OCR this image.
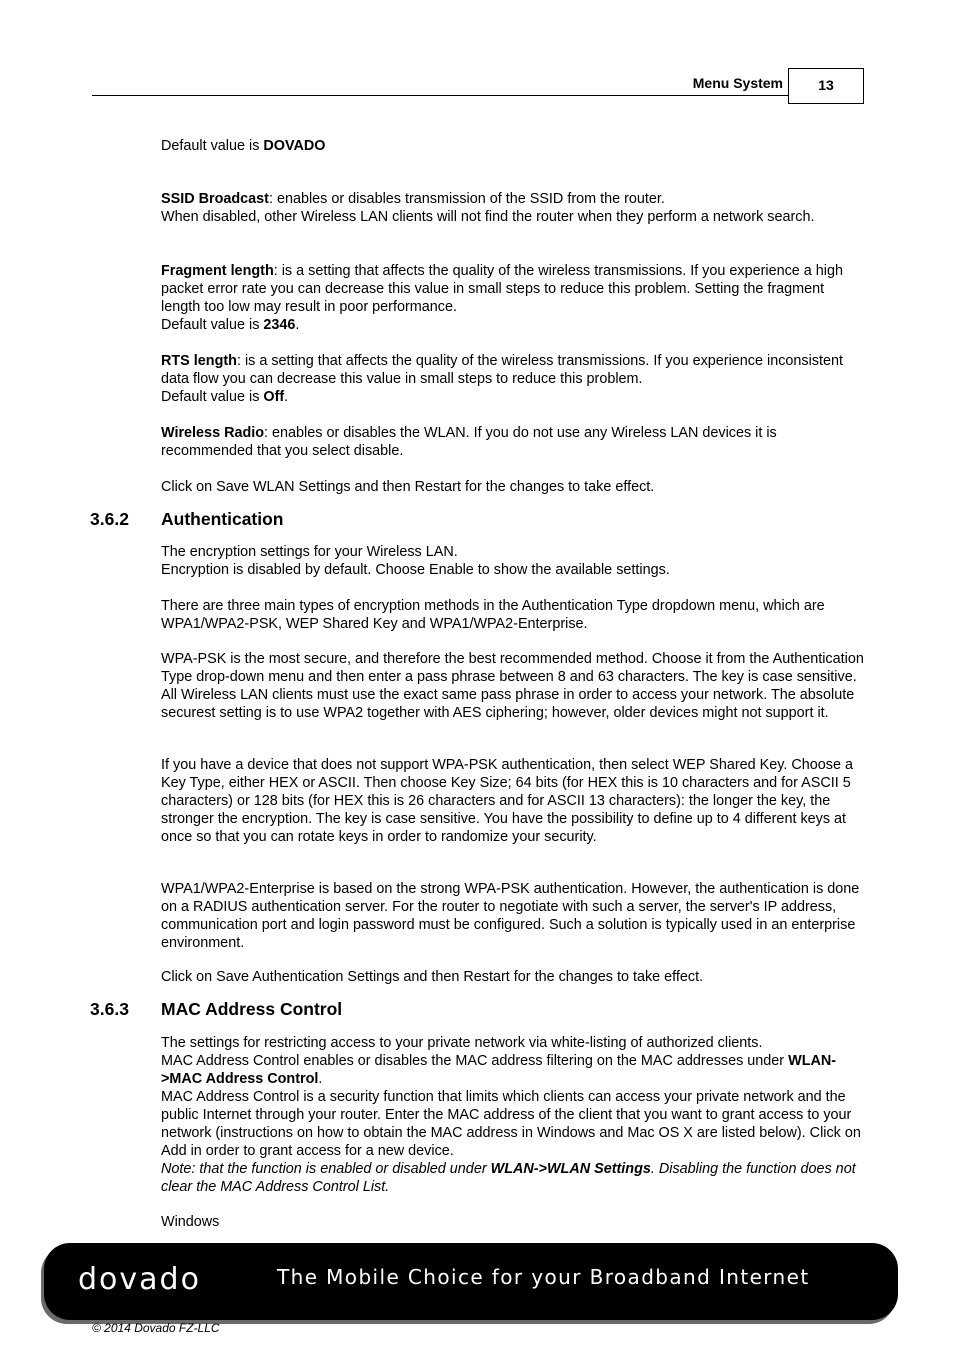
Menu System	13

Default value is DOVADO

SSID Broadcast: enables or disables transmission of the SSID from the router.
When disabled, other Wireless LAN clients will not find the router when they perform a network search.

Fragment length: is a setting that affects the quality of the wireless transmissions. If you experience a high packet error rate you can decrease this value in small steps to reduce this problem. Setting the fragment length too low may result in poor performance.
Default value is 2346.

RTS length: is a setting that affects the quality of the wireless transmissions. If you experience inconsistent data flow you can decrease this value in small steps to reduce this problem.
Default value is Off.

Wireless Radio: enables or disables the WLAN. If you do not use any Wireless LAN devices it is recommended that you select disable.

Click on Save WLAN Settings and then Restart for the changes to take effect.

3.6.2 Authentication

The encryption settings for your Wireless LAN.
Encryption is disabled by default. Choose Enable to show the available settings.

There are three main types of encryption methods in the Authentication Type dropdown menu, which are WPA1/WPA2-PSK, WEP Shared Key and WPA1/WPA2-Enterprise.

WPA-PSK is the most secure, and therefore the best recommended method. Choose it from the Authentication Type drop-down menu and then enter a pass phrase between 8 and 63 characters. The key is case sensitive. All Wireless LAN clients must use the exact same pass phrase in order to access your network. The absolute securest setting is to use WPA2 together with AES ciphering; however, older devices might not support it.

If you have a device that does not support WPA-PSK authentication, then select WEP Shared Key. Choose a Key Type, either HEX or ASCII. Then choose Key Size; 64 bits (for HEX this is 10 characters and for ASCII 5 characters) or 128 bits (for HEX this is 26 characters and for ASCII 13 characters): the longer the key, the stronger the encryption. The key is case sensitive. You have the possibility to define up to 4 different keys at once so that you can rotate keys in order to randomize your security.

WPA1/WPA2-Enterprise is based on the strong WPA-PSK authentication. However, the authentication is done on a RADIUS authentication server. For the router to negotiate with such a server, the server's IP address, communication port and login password must be configured. Such a solution is typically used in an enterprise environment.

Click on Save Authentication Settings and then Restart for the changes to take effect.

3.6.3 MAC Address Control

The settings for restricting access to your private network via white-listing of authorized clients.
MAC Address Control enables or disables the MAC address filtering on the MAC addresses under WLAN->MAC Address Control.
MAC Address Control is a security function that limits which clients can access your private network and the public Internet through your router. Enter the MAC address of the client that you want to grant access to your network (instructions on how to obtain the MAC address in Windows and Mac OS X are listed below). Click on Add in order to grant access for a new device.
Note: that the function is enabled or disabled under WLAN->WLAN Settings. Disabling the function does not clear the MAC Address Control List.

Windows

dovado	The Mobile Choice for your Broadband Internet
© 2014 Dovado FZ-LLC
